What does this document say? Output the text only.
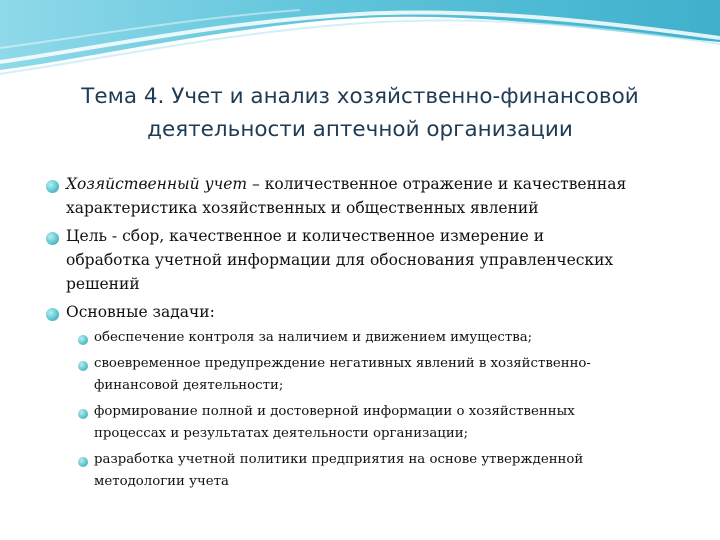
Тема 4. Учет и анализ хозяйственно-финансовой
деятельности аптечной организации
Хозяйственный учет – количественное отражение и качественная
характеристика хозяйственных и общественных явлений
Цель - сбор, качественное и количественное измерение и
обработка учетной информации для обоснования управленческих
решений
Основные задачи:
обеспечение контроля за наличием и движением имущества;
своевременное предупреждение негативных явлений в хозяйственно-
финансовой деятельности;
формирование полной и достоверной информации о хозяйственных
процессах и результатах деятельности организации;
разработка учетной политики предприятия на основе утвержденной
методологии учета
